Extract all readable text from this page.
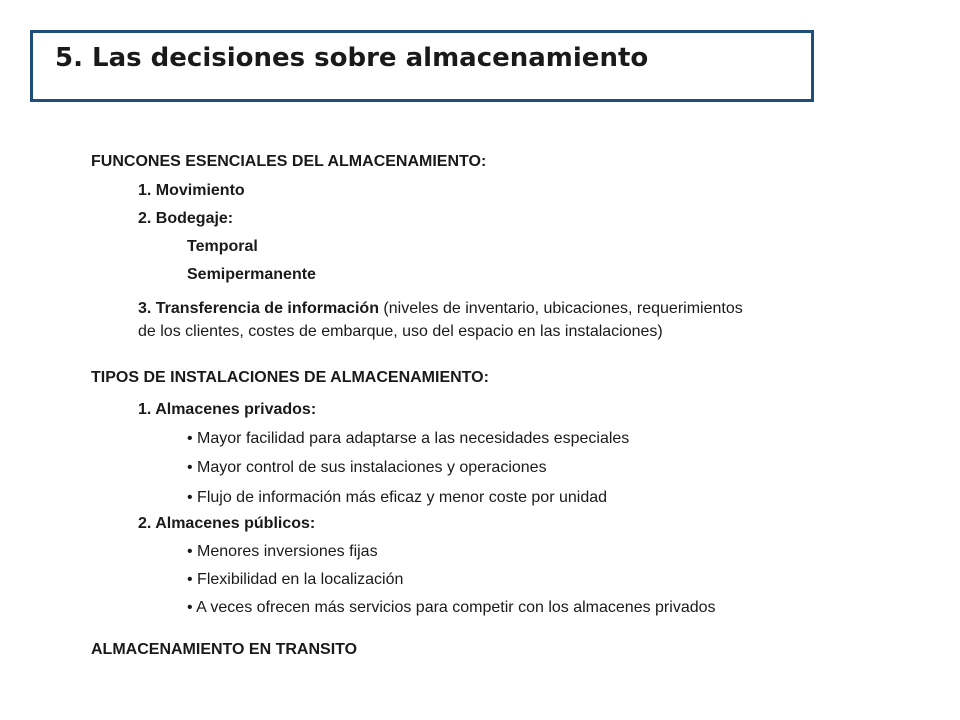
5. Las decisiones sobre almacenamiento
FUNCONES ESENCIALES DEL ALMACENAMIENTO:
1. Movimiento
2. Bodegaje:
Temporal
Semipermanente
3. Transferencia de información (niveles de inventario, ubicaciones, requerimientos
de los clientes, costes de embarque, uso del espacio en las instalaciones)
TIPOS DE INSTALACIONES DE ALMACENAMIENTO:
1. Almacenes privados:
• Mayor facilidad para adaptarse a las necesidades especiales
• Mayor control de sus instalaciones y operaciones
• Flujo de información más eficaz y menor coste por unidad
2. Almacenes públicos:
• Menores inversiones fijas
• Flexibilidad en la localización
• A veces ofrecen más servicios para competir con los almacenes privados
ALMACENAMIENTO EN TRANSITO
